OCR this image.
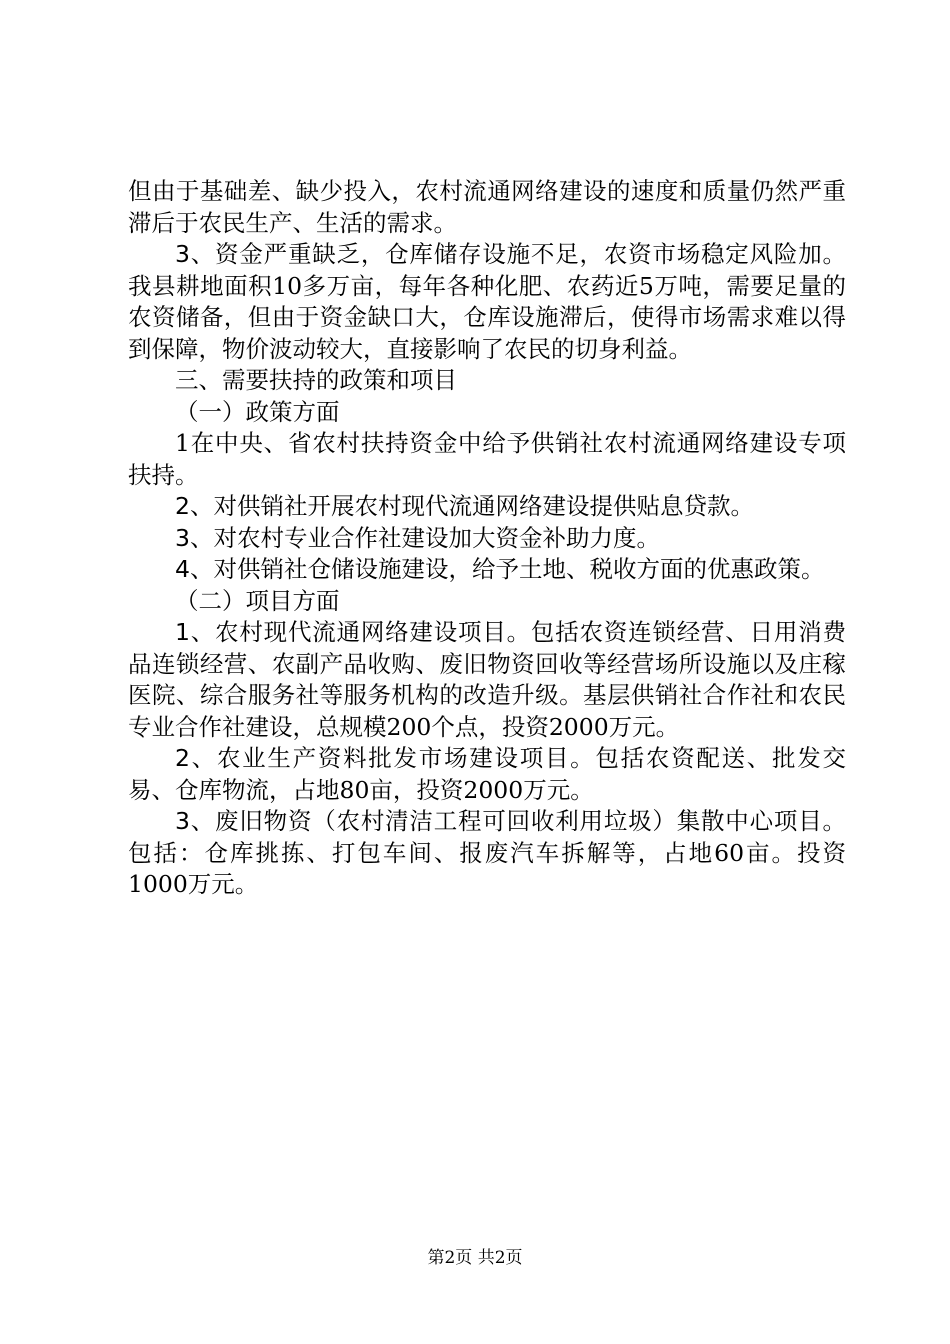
但由于基础差、缺少投入，农村流通网络建设的速度和质量仍然严重滞后于农民生产、生活的需求。

3、资金严重缺乏，仓库储存设施不足，农资市场稳定风险加。我县耕地面积10多万亩，每年各种化肥、农药近5万吨，需要足量的农资储备，但由于资金缺口大，仓库设施滞后，使得市场需求难以得到保障，物价波动较大，直接影响了农民的切身利益。

三、需要扶持的政策和项目

（一）政策方面

1在中央、省农村扶持资金中给予供销社农村流通网络建设专项扶持。

2、对供销社开展农村现代流通网络建设提供贴息贷款。

3、对农村专业合作社建设加大资金补助力度。

4、对供销社仓储设施建设，给予土地、税收方面的优惠政策。

（二）项目方面

1、农村现代流通网络建设项目。包括农资连锁经营、日用消费品连锁经营、农副产品收购、废旧物资回收等经营场所设施以及庄稼医院、综合服务社等服务机构的改造升级。基层供销社合作社和农民专业合作社建设，总规模200个点，投资2000万元。

2、农业生产资料批发市场建设项目。包括农资配送、批发交易、仓库物流，占地80亩，投资2000万元。

3、废旧物资（农村清洁工程可回收利用垃圾）集散中心项目。包括：仓库挑拣、打包车间、报废汽车拆解等，占地60亩。投资1000万元。

第2页 共2页
